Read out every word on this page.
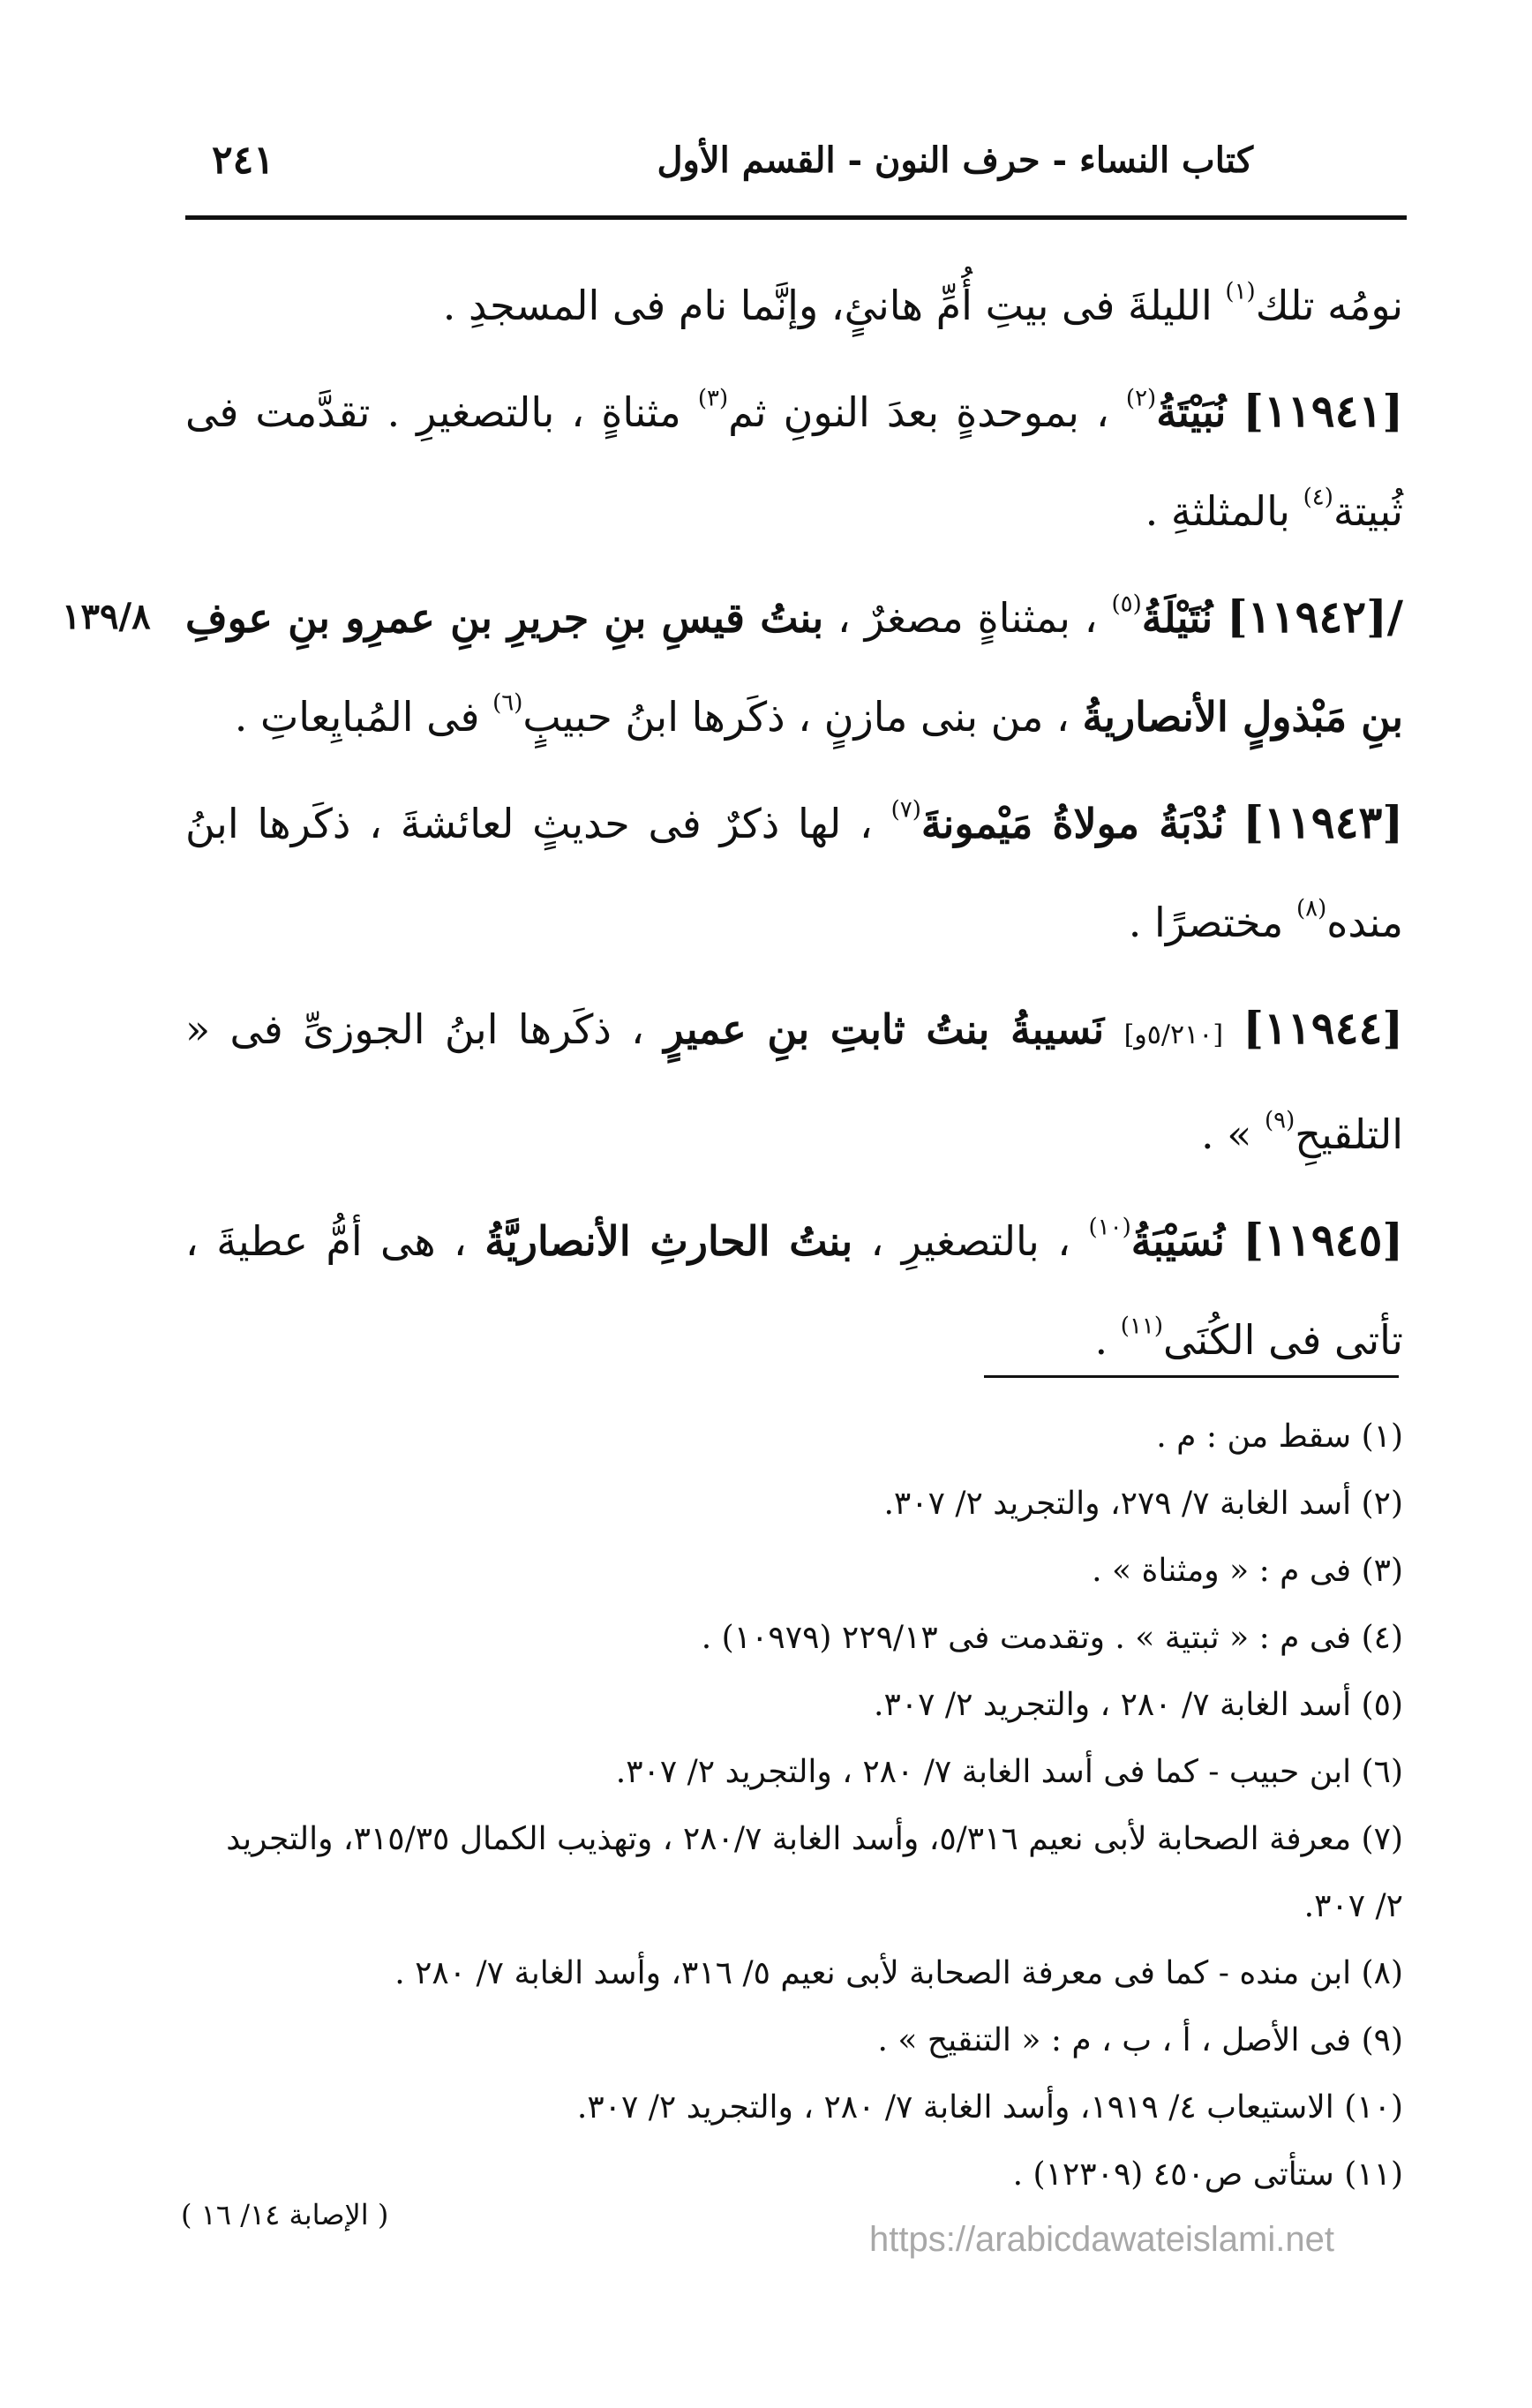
كتاب النساء - حرف النون - القسم الأول
٢٤١
١٣٩/٨

نومُه تلك$^{(١)}$ الليلةَ فى بيتِ أُمِّ هانئٍ، وإنَّما نام فى المسجدِ .

[١١٩٤١] نُبَيْتَةُ$^{(٢)}$ ، بموحدةٍ بعدَ النونِ ثم$^{(٣)}$ مثناةٍ ، بالتصغيرِ . تقدَّمت فى ثُبيتة$^{(٤)}$ بالمثلثةِ .

/[١١٩٤٢] نُتَيْلَةُ$^{(٥)}$ ، بمثناةٍ مصغرٌ ، بنتُ قيسِ بنِ جريرِ بنِ عمرِو بنِ عوفِ بنِ مَبْذولٍ الأنصاريةُ ، من بنى مازنٍ ، ذكَرها ابنُ حبيبٍ$^{(٦)}$ فى المُبايِعاتِ .

[١١٩٤٣] نُدْبَةُ مولاةُ مَيْمونةَ$^{(٧)}$ ، لها ذكرٌ فى حديثٍ لعائشةَ ، ذكَرها ابنُ منده$^{(٨)}$ مختصرًا .

[١١٩٤٤] [٥/٢١٠و] نَسيبةُ بنتُ ثابتِ بنِ عميرٍ ، ذكَرها ابنُ الجوزىِّ فى « التلقيحِ$^{(٩)}$ » .

[١١٩٤٥] نُسَيْبَةُ$^{(١٠)}$ ، بالتصغيرِ ، بنتُ الحارثِ الأنصاريَّةُ ، هى أمُّ عطيةَ ، تأتى فى الكُنَى$^{(١١)}$ .

(١) سقط من : م .

(٢) أسد الغابة ٧/ ٢٧٩، والتجريد ٢/ ٣٠٧.

(٣) فى م : « ومثناة » .

(٤) فى م : « ثبتية » . وتقدمت فى ٢٢٩/١٣ (١٠٩٧٩) .

(٥) أسد الغابة ٧/ ٢٨٠ ، والتجريد ٢/ ٣٠٧.

(٦) ابن حبيب - كما فى أسد الغابة ٧/ ٢٨٠ ، والتجريد ٢/ ٣٠٧.

(٧) معرفة الصحابة لأبى نعيم ٥/٣١٦، وأسد الغابة ٢٨٠/٧ ، وتهذيب الكمال ٣١٥/٣٥، والتجريد ٢/ ٣٠٧.

(٨) ابن منده - كما فى معرفة الصحابة لأبى نعيم ٥/ ٣١٦، وأسد الغابة ٧/ ٢٨٠ .

(٩) فى الأصل ، أ ، ب ، م : « التنقيح » .

(١٠) الاستيعاب ٤/ ١٩١٩، وأسد الغابة ٧/ ٢٨٠ ، والتجريد ٢/ ٣٠٧.

(١١) ستأتى ص٤٥٠ (١٢٣٠٩) .

( الإصابة ١٤/ ١٦ )
https://arabicdawateislami.net
